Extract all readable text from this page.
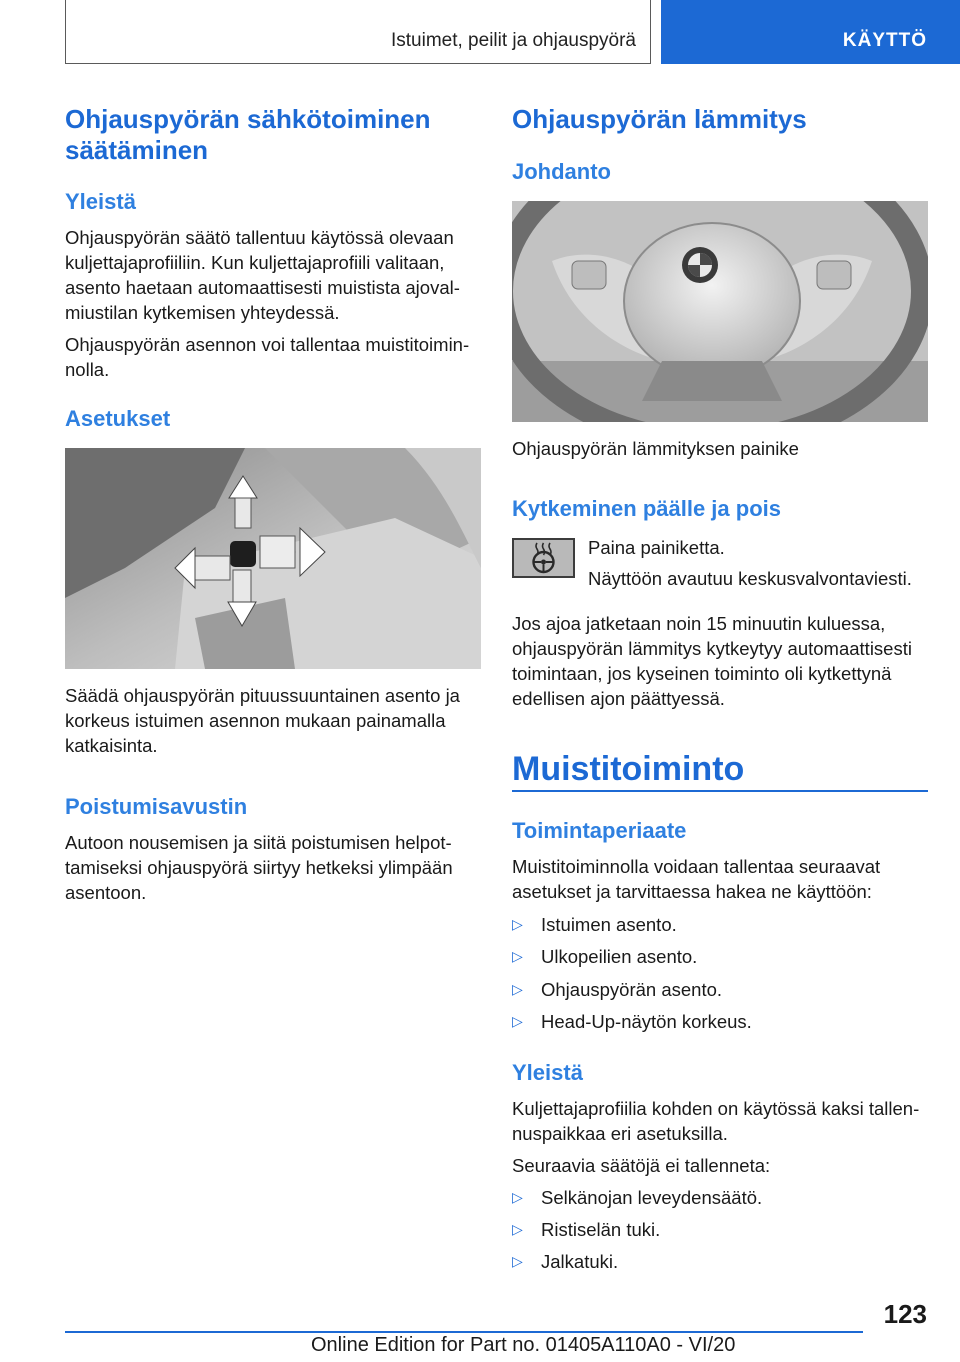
Istuimet, peilit ja ohjauspyörä	KÄYTTÖ
Ohjauspyörän sähkötoiminen
säätäminen
Yleistä
Ohjauspyörän säätö tallentuu käytössä olevaan
kuljettajaprofiiliin. Kun kuljettajaprofiili valitaan,
asento haetaan automaattisesti muistista ajoval‐
miustilan kytkemisen yhteydessä.
Ohjauspyörän asennon voi tallentaa muistitoimin‐
nolla.
Asetukset
Säädä ohjauspyörän pituussuuntainen asento ja
korkeus istuimen asennon mukaan painamalla
katkaisinta.
Poistumisavustin
Autoon nousemisen ja siitä poistumisen helpot‐
tamiseksi ohjauspyörä siirtyy hetkeksi ylimpään
asentoon.
Ohjauspyörän lämmitys
Johdanto
Ohjauspyörän lämmityksen painike
Kytkeminen päälle ja pois
Paina painiketta.
Näyttöön avautuu keskusvalvontaviesti.
Jos ajoa jatketaan noin 15 minuutin kuluessa,
ohjauspyörän lämmitys kytkeytyy automaattisesti
toimintaan, jos kyseinen toiminto oli kytkettynä
edellisen ajon päättyessä.
Muistitoiminto
Toimintaperiaate
Muistitoiminnolla voidaan tallentaa seuraavat
asetukset ja tarvittaessa hakea ne käyttöön:
▷ Istuimen asento.
▷ Ulkopeilien asento.
▷ Ohjauspyörän asento.
▷ Head-Up-näytön korkeus.
Yleistä
Kuljettajaprofiilia kohden on käytössä kaksi tallen‐
nuspaikkaa eri asetuksilla.
Seuraavia säätöjä ei tallenneta:
▷ Selkänojan leveydensäätö.
▷ Ristiselän tuki.
▷ Jalkatuki.
123
Online Edition for Part no. 01405A110A0 - VI/20
